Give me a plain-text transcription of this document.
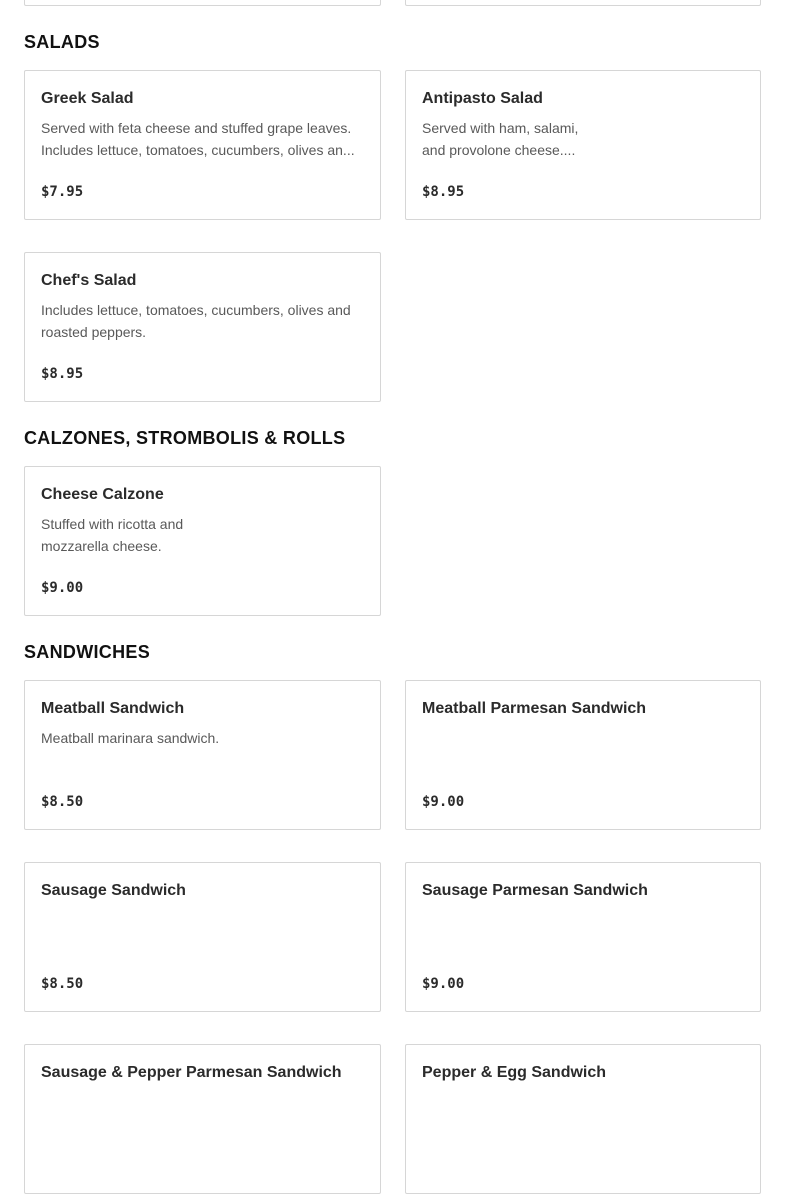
SALADS
Greek Salad
Served with feta cheese and stuffed grape leaves.
Includes lettuce, tomatoes, cucumbers, olives an...
$7.95
Antipasto Salad
Served with ham, salami,
and provolone cheese....
$8.95
Chef's Salad
Includes lettuce, tomatoes, cucumbers, olives and
roasted peppers.
$8.95
CALZONES, STROMBOLIS & ROLLS
Cheese Calzone
Stuffed with ricotta and
mozzarella cheese.
$9.00
SANDWICHES
Meatball Sandwich
Meatball marinara sandwich.
$8.50
Meatball Parmesan Sandwich
$9.00
Sausage Sandwich
$8.50
Sausage Parmesan Sandwich
$9.00
Sausage & Pepper Parmesan Sandwich	Pepper & Egg Sandwich
